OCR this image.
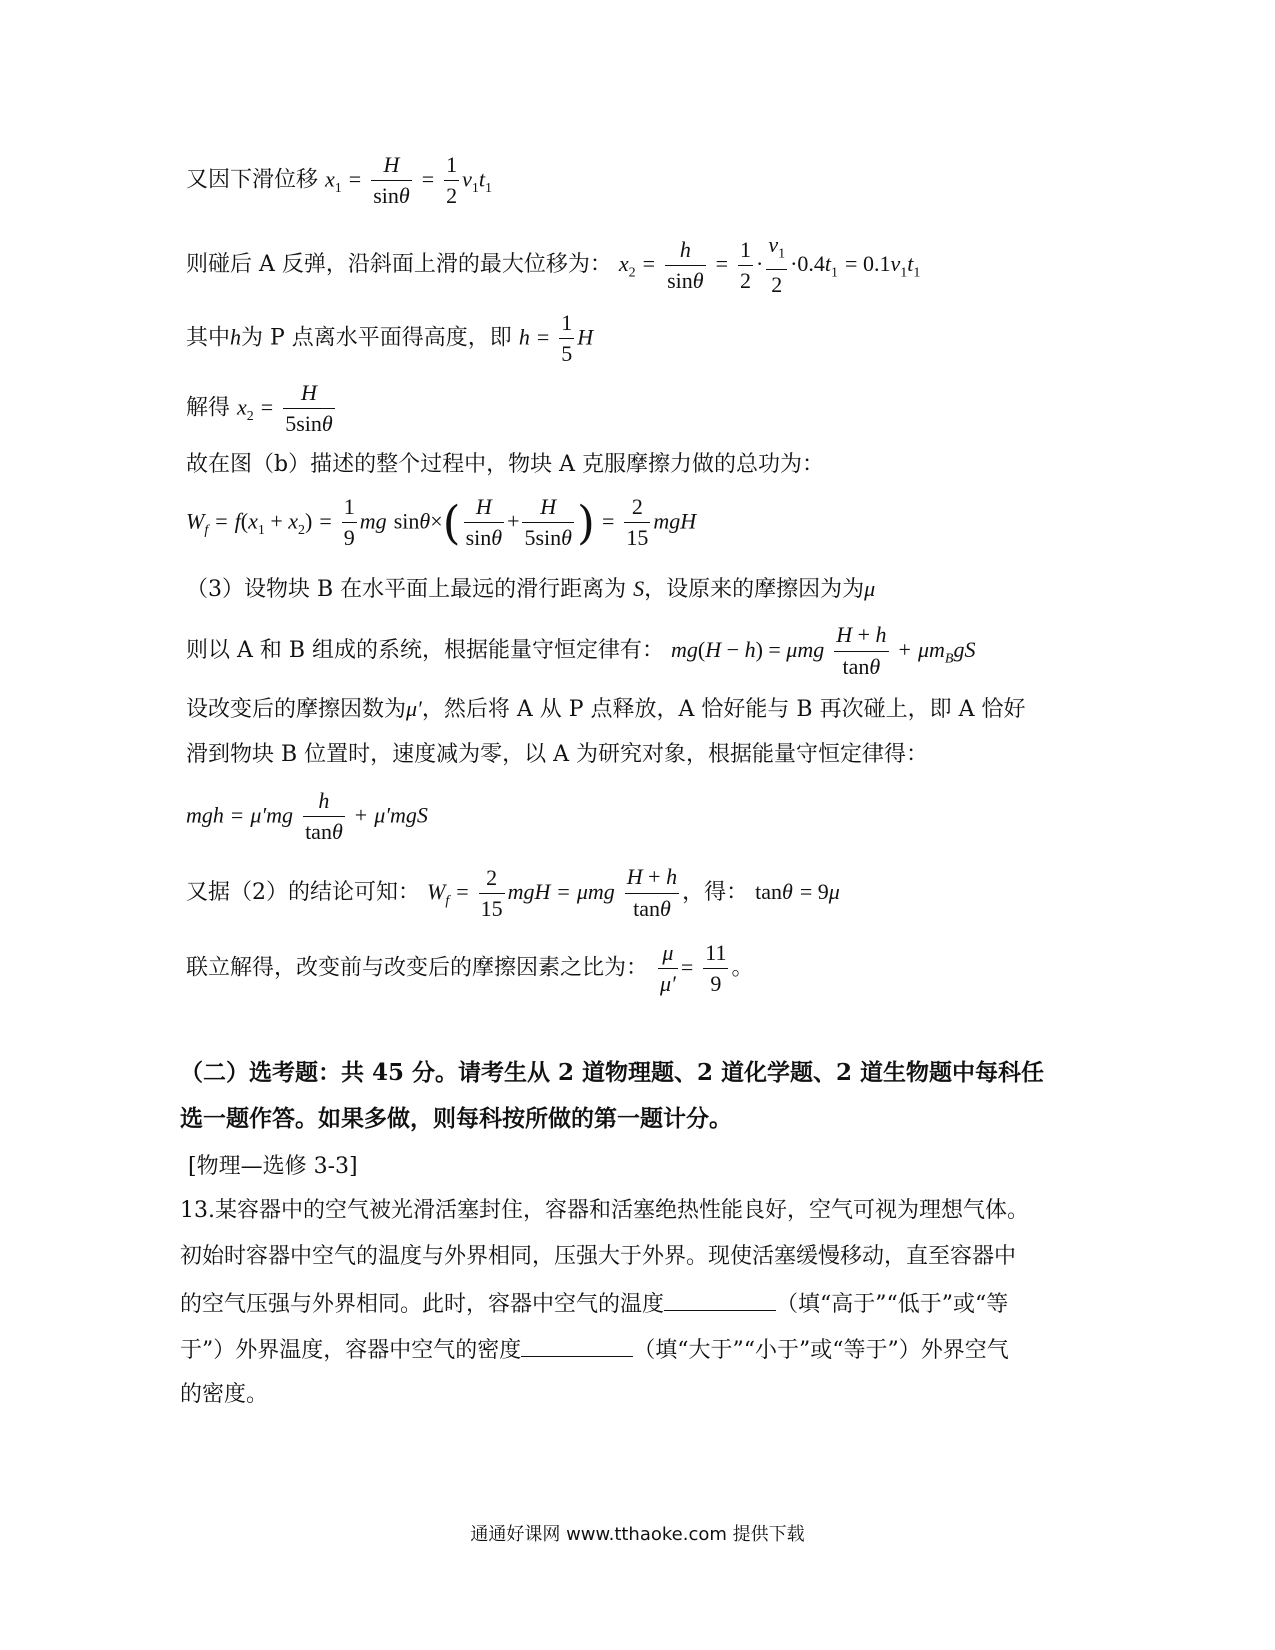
又因下滑位移 $x_1 = \frac{H}{\sin\theta} = \frac{1}{2} v_1t_1$
则碰后 A 反弹，沿斜面上滑的最大位移为： $x_2 = \frac{h}{\sin\theta} = \frac{1}{2} \cdot \frac{v_1}{2} \cdot 0.4t_1 = 0.1v_1t_1$
其中h为 P 点离水平面得高度，即 $h = \frac{1}{5}$ H
解得 $x_2 = \frac{H}{5\sin\theta}$
故在图（b）描述的整个过程中，物块 A 克服摩擦力做的总功为：
$W_f = f(x_1 + x_2) = \frac{1}{9}$ mg $\sin\theta\times( \frac{H}{\sin\theta} + \frac{H}{5\sin\theta}$ ) = $\frac{2}{15}$ mgH
（3）设物块 B 在水平面上最远的滑行距离为 S，设原来的摩擦因为为μ
则以 A 和 B 组成的系统，根据能量守恒定律有： mg(H − h) = μmg $\frac{H + h}{\tan\theta} + \mu m_BgS$
设改变后的摩擦因数为μ′，然后将 A 从 P 点释放，A 恰好能与 B 再次碰上，即 A 恰好
滑到物块 B 位置时，速度减为零，以 A 为研究对象，根据能量守恒定律得：
mgh = $\mu'mg \frac{h}{\tan\theta} + \mu'mgS$
又据（2）的结论可知： $W_f = \frac{2}{15}$ mgH = μmg $\frac{H + h}{\tan\theta}$ ，得： tanθ = 9μ
联立解得，改变前与改变后的摩擦因素之比为： $\frac{\mu}{\mu'} = \frac{11}{9}$ 。
（二）选考题：共 45 分。请考生从 2 道物理题、2 道化学题、2 道生物题中每科任
选一题作答。如果多做，则每科按所做的第一题计分。
[物理—选修 3-3]
13.某容器中的空气被光滑活塞封住，容器和活塞绝热性能良好，空气可视为理想气体。
初始时容器中空气的温度与外界相同，压强大于外界。现使活塞缓慢移动，直至容器中
的空气压强与外界相同。此时，容器中空气的温度	（填“高于”“低于”或“等
于”）外界温度，容器中空气的密度	（填“大于”“小于”或“等于”）外界空气
的密度。
通通好课网 www.tthaoke.com 提供下载
